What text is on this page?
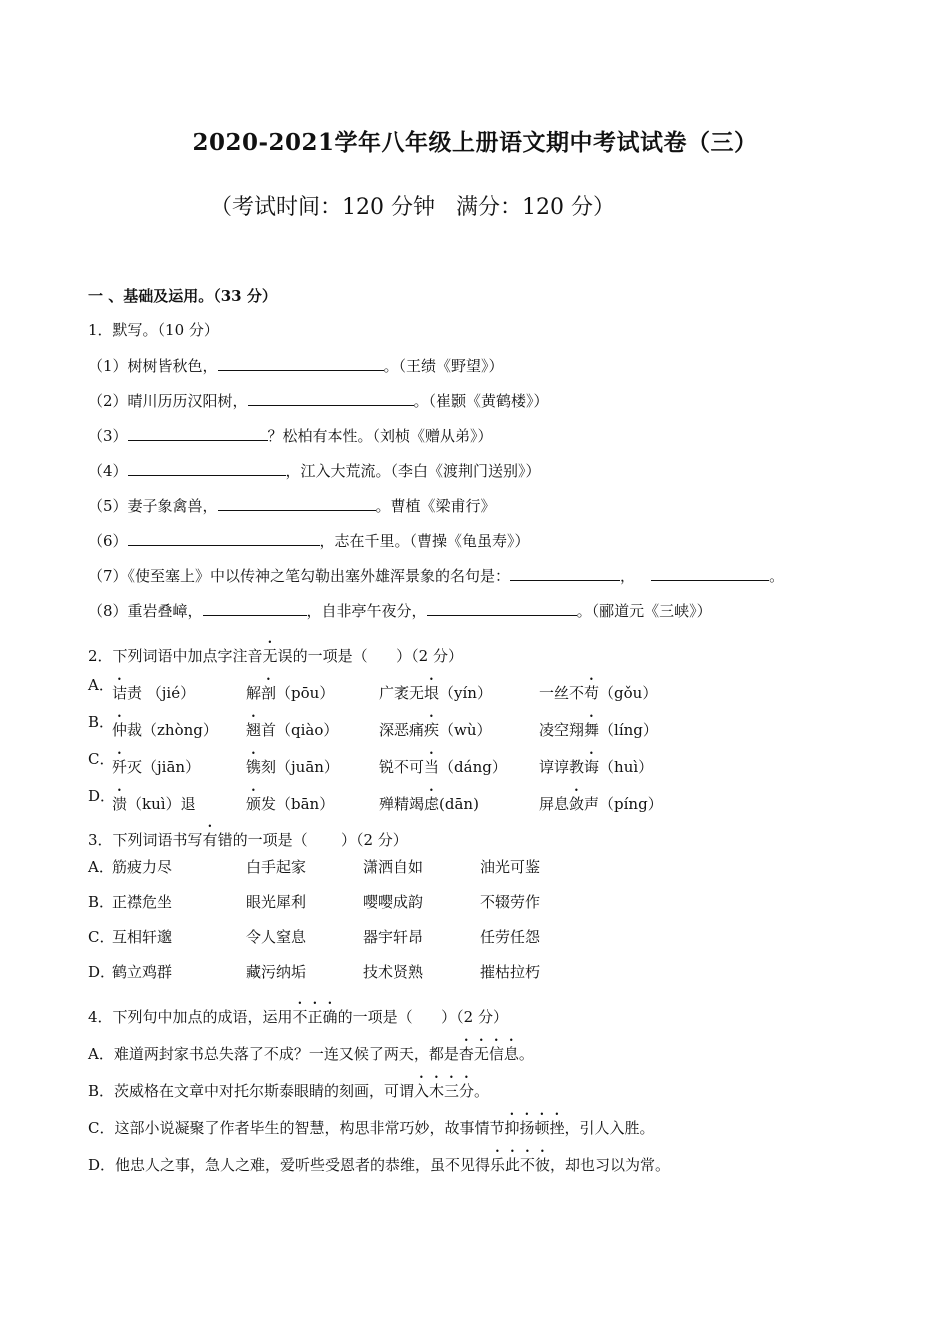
2020-2021学年八年级上册语文期中考试试卷（三）
（考试时间：120 分钟   满分：120 分）
一 、基础及运用。（33 分）
1．默写。（10 分）
（1）树树皆秋色，	。（王绩《野望》）
（2）晴川历历汉阳树，	。（崔颢《黄鹤楼》）
（3）	？松柏有本性。（刘桢《赠从弟》）
（4）	，江入大荒流。（李白《渡荆门送别》）
（5）妻子象禽兽，	。曹植《梁甫行》
（6）	，志在千里。（曹操《龟虽寿》）
（7）《使至塞上》中以传神之笔勾勒出塞外雄浑景象的名句是：	，	。
（8）重岩叠嶂，	，自非亭午夜分，	。（郦道元《三峡》）
2．下列词语中加点字注音无误的一项是（      ）（2 分）
A．
诘责 （jié）	解剖（pōu）	广袤无垠（yín）	一丝不苟（gǒu）
B．
仲裁（zhòng） 翘首（qiào）	深恶痛疾（wù）	凌空翔舞（líng）
C．
歼灭（jiān）	镌刻（juān）	锐不可当（dáng） 谆谆教诲（huì）
D．
溃（kuì）退	颁发（bān）	殚精竭虑(dān)	屏息敛声（píng）
3．下列词语书写有错的一项是（       ）（2 分）
A．
筋疲力尽	白手起家	潇洒自如	油光可鉴
B．
正襟危坐	眼光犀利	嘤嘤成韵	不辍劳作
C．
互相轩邈	令人窒息	器宇轩昂	任劳任怨
D．
鹤立鸡群	藏污纳垢	技术贤熟	摧枯拉朽
4．下列句中加点的成语，运用不正确的一项是（      ）（2 分）
A．难道两封家书总失落了不成？一连又候了两天，都是杳无信息。
B．茨威格在文章中对托尔斯泰眼睛的刻画，可谓入木三分。
C．这部小说凝聚了作者毕生的智慧，构思非常巧妙，故事情节抑扬顿挫，引人入胜。
D．他忠人之事，急人之难，爱听些受恩者的恭维，虽不见得乐此不彼，却也习以为常。
